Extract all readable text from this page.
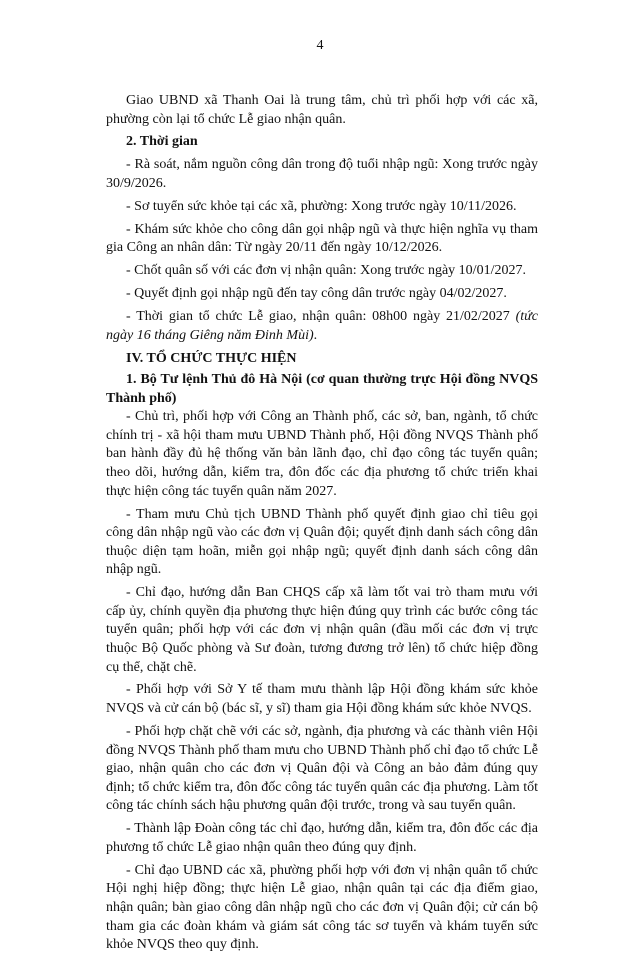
4

Giao UBND xã Thanh Oai là trung tâm, chủ trì phối hợp với các xã, phường còn lại tổ chức Lễ giao nhận quân.

2. Thời gian

- Rà soát, nắm nguồn công dân trong độ tuổi nhập ngũ: Xong trước ngày 30/9/2026.

- Sơ tuyển sức khỏe tại các xã, phường: Xong trước ngày 10/11/2026.

- Khám sức khỏe cho công dân gọi nhập ngũ và thực hiện nghĩa vụ tham gia Công an nhân dân: Từ ngày 20/11 đến ngày 10/12/2026.

- Chốt quân số với các đơn vị nhận quân: Xong trước ngày 10/01/2027.

- Quyết định gọi nhập ngũ đến tay công dân trước ngày 04/02/2027.

- Thời gian tổ chức Lễ giao, nhận quân: 08h00 ngày 21/02/2027 (tức ngày 16 tháng Giêng năm Đinh Mùi).

IV. TỔ CHỨC THỰC HIỆN

1. Bộ Tư lệnh Thủ đô Hà Nội (cơ quan thường trực Hội đồng NVQS Thành phố)

- Chủ trì, phối hợp với Công an Thành phố, các sở, ban, ngành, tổ chức chính trị - xã hội tham mưu UBND Thành phố, Hội đồng NVQS Thành phố ban hành đầy đủ hệ thống văn bản lãnh đạo, chỉ đạo công tác tuyển quân; theo dõi, hướng dẫn, kiểm tra, đôn đốc các địa phương tổ chức triển khai thực hiện công tác tuyển quân năm 2027.

- Tham mưu Chủ tịch UBND Thành phố quyết định giao chỉ tiêu gọi công dân nhập ngũ vào các đơn vị Quân đội; quyết định danh sách công dân thuộc diện tạm hoãn, miễn gọi nhập ngũ; quyết định danh sách công dân nhập ngũ.

- Chỉ đạo, hướng dẫn Ban CHQS cấp xã làm tốt vai trò tham mưu với cấp ủy, chính quyền địa phương thực hiện đúng quy trình các bước công tác tuyển quân; phối hợp với các đơn vị nhận quân (đầu mối các đơn vị trực thuộc Bộ Quốc phòng và Sư đoàn, tương đương trở lên) tổ chức hiệp đồng cụ thể, chặt chẽ.

- Phối hợp với Sở Y tế tham mưu thành lập Hội đồng khám sức khỏe NVQS và cử cán bộ (bác sĩ, y sĩ) tham gia Hội đồng khám sức khỏe NVQS.

- Phối hợp chặt chẽ với các sở, ngành, địa phương và các thành viên Hội đồng NVQS Thành phố tham mưu cho UBND Thành phố chỉ đạo tổ chức Lễ giao, nhận quân cho các đơn vị Quân đội và Công an bảo đảm đúng quy định; tổ chức kiểm tra, đôn đốc công tác tuyển quân các địa phương. Làm tốt công tác chính sách hậu phương quân đội trước, trong và sau tuyển quân.

- Thành lập Đoàn công tác chỉ đạo, hướng dẫn, kiểm tra, đôn đốc các địa phương tổ chức Lễ giao nhận quân theo đúng quy định.

- Chỉ đạo UBND các xã, phường phối hợp với đơn vị nhận quân tổ chức Hội nghị hiệp đồng; thực hiện Lễ giao, nhận quân tại các địa điểm giao, nhận quân; bàn giao công dân nhập ngũ cho các đơn vị Quân đội; cử cán bộ tham gia các đoàn khám và giám sát công tác sơ tuyển và khám tuyển sức khỏe NVQS theo quy định.
